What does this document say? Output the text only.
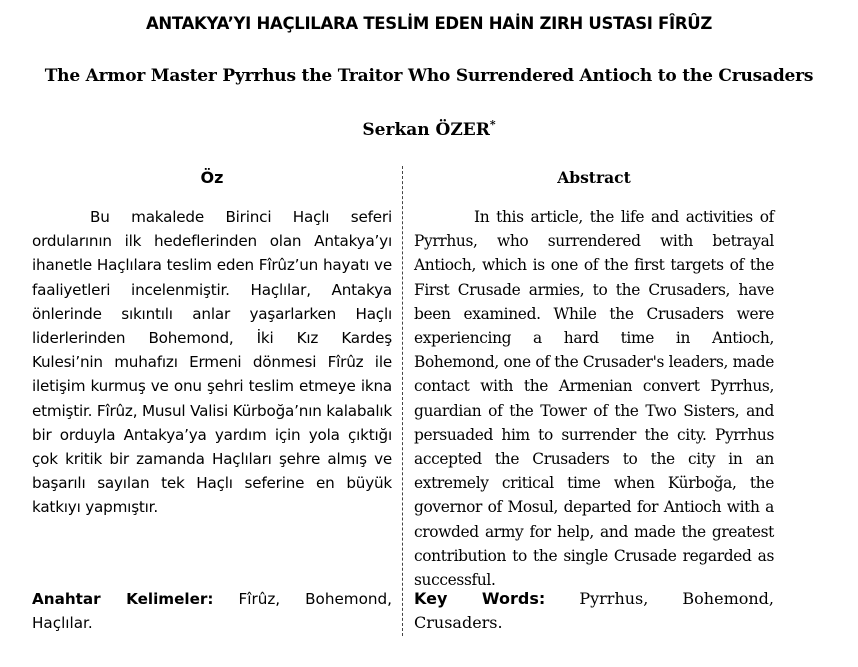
ANTAKYA’YI HAÇLILARA TESLİM EDEN HAİN ZIRH USTASI FÎRÛZ
The Armor Master Pyrrhus the Traitor Who Surrendered Antioch to the Crusaders
Serkan ÖZER*
Öz

Bu makalede Birinci Haçlı seferi ordularının ilk hedeflerinden olan Antakya’yı ihanetle Haçlılara teslim eden Fîrûz’un hayatı ve faaliyetleri incelenmiştir. Haçlılar, Antakya önlerinde sıkıntılı anlar yaşarlarken Haçlı liderlerinden Bohemond, İki Kız Kardeş Kulesi’nin muhafızı Ermeni dönmesi Fîrûz ile iletişim kurmuş ve onu şehri teslim etmeye ikna etmiştir. Fîrûz, Musul Valisi Kürboğa’nın kalabalık bir orduyla Antakya’ya yardım için yola çıktığı çok kritik bir zamanda Haçlıları şehre almış ve başarılı sayılan tek Haçlı seferine en büyük katkıyı yapmıştır.

Abstract

In this article, the life and activities of Pyrrhus, who surrendered with betrayal Antioch, which is one of the first targets of the First Crusade armies, to the Crusaders, have been examined. While the Crusaders were experiencing a hard time in Antioch, Bohemond, one of the Crusader's leaders, made contact with the Armenian convert Pyrrhus, guardian of the Tower of the Two Sisters, and persuaded him to surrender the city. Pyrrhus accepted the Crusaders to the city in an extremely critical time when Kürboğa, the governor of Mosul, departed for Antioch with a crowded army for help, and made the greatest contribution to the single Crusade regarded as successful.

Anahtar Kelimeler: Fîrûz, Bohemond, Haçlılar.

Key Words: Pyrrhus, Bohemond, Crusaders.
